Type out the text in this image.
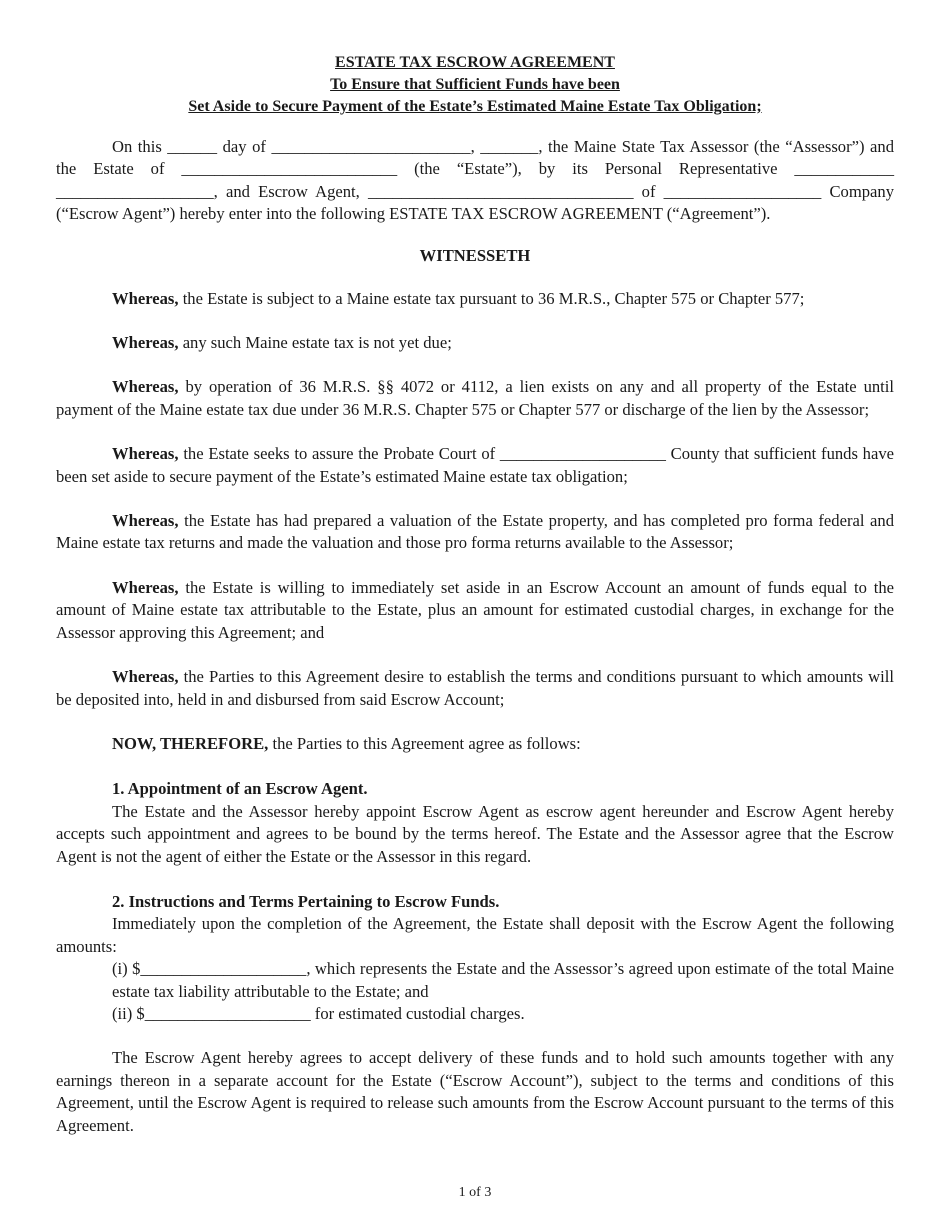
ESTATE TAX ESCROW AGREEMENT
To Ensure that Sufficient Funds have been
Set Aside to Secure Payment of the Estate’s Estimated Maine Estate Tax Obligation;

On this ______ day of ________________________, _______, the Maine State Tax Assessor (the “Assessor”) and the Estate of __________________________ (the “Estate”), by its Personal Representative ____________ ___________________, and Escrow Agent, ________________________________ of ___________________ Company (“Escrow Agent”) hereby enter into the following ESTATE TAX ESCROW AGREEMENT (“Agreement”).

WITNESSETH

Whereas, the Estate is subject to a Maine estate tax pursuant to 36 M.R.S., Chapter 575 or Chapter 577;

Whereas, any such Maine estate tax is not yet due;

Whereas, by operation of 36 M.R.S. §§ 4072 or 4112, a lien exists on any and all property of the Estate until payment of the Maine estate tax due under 36 M.R.S. Chapter 575 or Chapter 577 or discharge of the lien by the Assessor;

Whereas, the Estate seeks to assure the Probate Court of ____________________ County that sufficient funds have been set aside to secure payment of the Estate’s estimated Maine estate tax obligation;

Whereas, the Estate has had prepared a valuation of the Estate property, and has completed pro forma federal and Maine estate tax returns and made the valuation and those pro forma returns available to the Assessor;

Whereas, the Estate is willing to immediately set aside in an Escrow Account an amount of funds equal to the amount of Maine estate tax attributable to the Estate, plus an amount for estimated custodial charges, in exchange for the Assessor approving this Agreement; and

Whereas, the Parties to this Agreement desire to establish the terms and conditions pursuant to which amounts will be deposited into, held in and disbursed from said Escrow Account;

NOW, THEREFORE, the Parties to this Agreement agree as follows:

1. Appointment of an Escrow Agent.

The Estate and the Assessor hereby appoint Escrow Agent as escrow agent hereunder and Escrow Agent hereby accepts such appointment and agrees to be bound by the terms hereof. The Estate and the Assessor agree that the Escrow Agent is not the agent of either the Estate or the Assessor in this regard.

2. Instructions and Terms Pertaining to Escrow Funds.

Immediately upon the completion of the Agreement, the Estate shall deposit with the Escrow Agent the following amounts:

(i) $____________________, which represents the Estate and the Assessor’s agreed upon estimate of the total Maine estate tax liability attributable to the Estate; and

(ii) $____________________ for estimated custodial charges.

The Escrow Agent hereby agrees to accept delivery of these funds and to hold such amounts together with any earnings thereon in a separate account for the Estate (“Escrow Account”), subject to the terms and conditions of this Agreement, until the Escrow Agent is required to release such amounts from the Escrow Account pursuant to the terms of this Agreement.

1 of 3
